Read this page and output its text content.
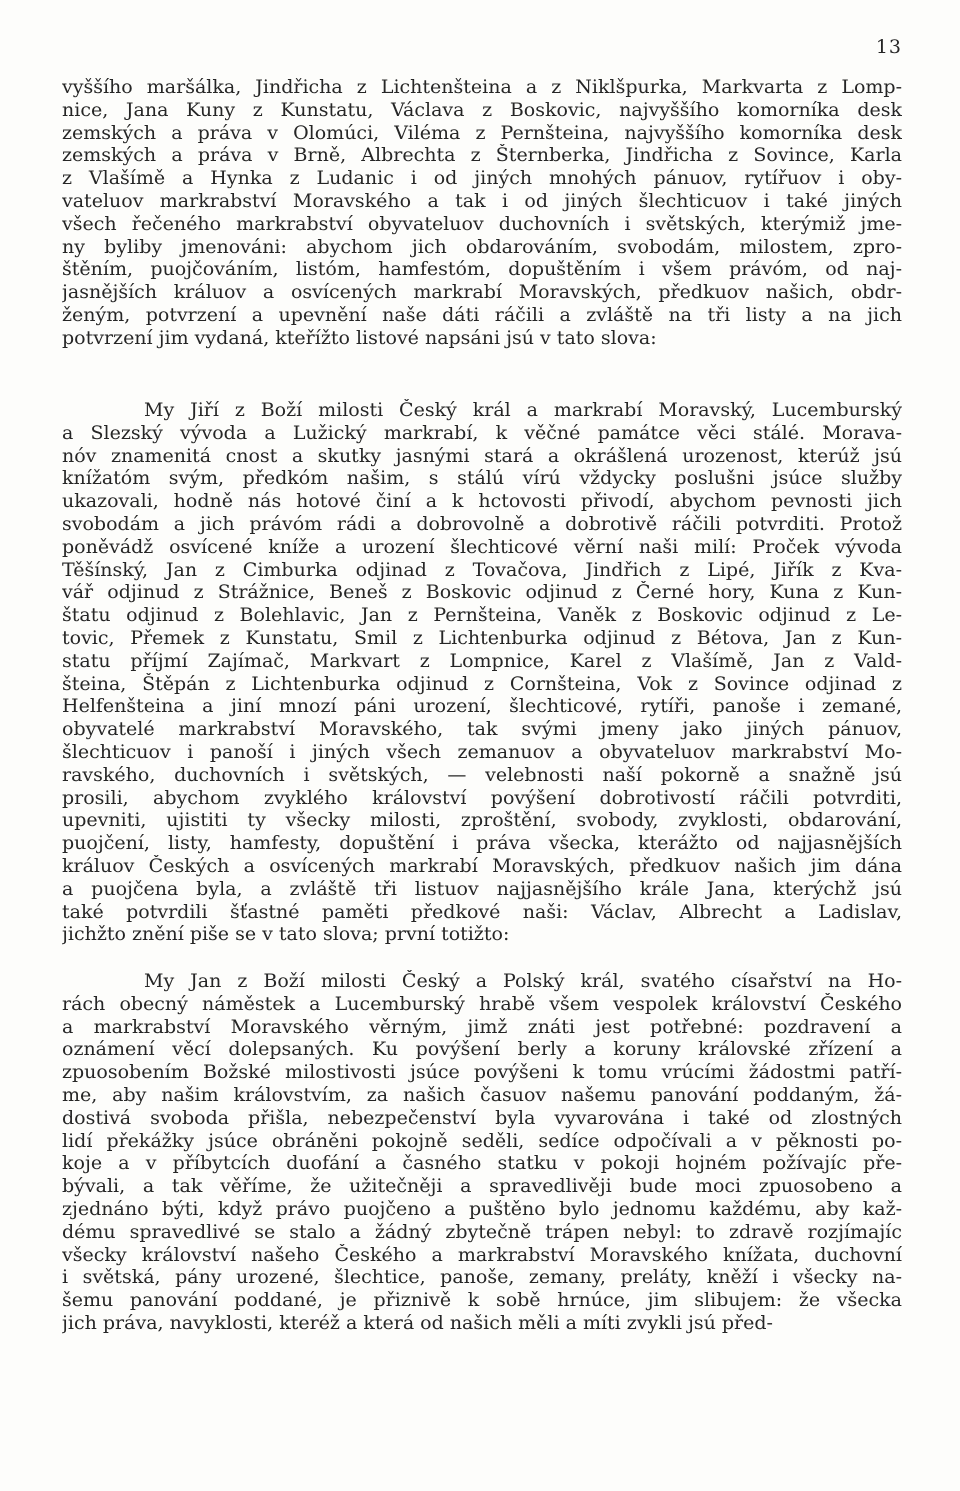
13
vyššího maršálka, Jindřicha z Lichtenšteina a z Niklšpurka, Markvarta z Lomp-
nice, Jana Kuny z Kunstatu, Václava z Boskovic, najvyššího komorníka desk
zemských a práva v Olomúci, Viléma z Pernšteina, najvyššího komorníka desk
zemských a práva v Brně, Albrechta z Šternberka, Jindřicha z Sovince, Karla
z Vlašímě a Hynka z Ludanic i od jiných mnohých pánuov, rytířuov i oby-
vateluov markrabství Moravského a tak i od jiných šlechticuov i také jiných
všech řečeného markrabství obyvateluov duchovních i světských, kterýmiž jme-
ny byliby jmenováni: abychom jich obdarováním, svobodám, milostem, zpro-
štěním, puojčováním, listóm, hamfestóm, dopuštěním i všem právóm, od naj-
jasnějších králuov a osvícených markrabí Moravských, předkuov našich, obdr-
ženým, potvrzení a upevnění naše dáti ráčili a zvláště na tři listy a na jich
potvrzení jim vydaná, kteřížto listové napsáni jsú v tato slova:
My Jiří z Boží milosti Český král a markrabí Moravský, Lucemburský
a Slezský vývoda a Lužický markrabí, k věčné památce věci stálé. Morava-
nóv znamenitá cnost a skutky jasnými stará a okrášlená urozenost, kterúž jsú
knížatóm svým, předkóm našim, s stálú vírú vždycky poslušni jsúce služby
ukazovali, hodně nás hotové činí a k hctovosti přivodí, abychom pevnosti jich
svobodám a jich právóm rádi a dobrovolně a dobrotivě ráčili potvrditi. Protož
poněvádž osvícené kníže a urození šlechticové věrní naši milí: Proček vývoda
Těšínský, Jan z Cimburka odjinad z Tovačova, Jindřich z Lipé, Jiřík z Kva-
vář odjinud z Strážnice, Beneš z Boskovic odjinud z Černé hory, Kuna z Kun-
štatu odjinud z Bolehlavic, Jan z Pernšteina, Vaněk z Boskovic odjinud z Le-
tovic, Přemek z Kunstatu, Smil z Lichtenburka odjinud z Bétova, Jan z Kun-
statu příjmí Zajímač, Markvart z Lompnice, Karel z Vlašímě, Jan z Vald-
šteina, Štěpán z Lichtenburka odjinud z Cornšteina, Vok z Sovince odjinad z
Helfenšteina a jiní mnozí páni urození, šlechticové, rytíři, panoše i zemané,
obyvatelé markrabství Moravského, tak svými jmeny jako jiných pánuov,
šlechticuov i panoší i jiných všech zemanuov a obyvateluov markrabství Mo-
ravského, duchovních i světských, — velebnosti naší pokorně a snažně jsú
prosili, abychom zvyklého království povýšení dobrotivostí ráčili potvrditi,
upevniti, ujistiti ty všecky milosti, zproštění, svobody, zvyklosti, obdarování,
puojčení, listy, hamfesty, dopuštění i práva všecka, kterážto od najjasnějších
králuov Českých a osvícených markrabí Moravských, předkuov našich jim dána
a puojčena byla, a zvláště tři listuov najjasnějšího krále Jana, kterýchž jsú
také potvrdili šťastné paměti předkové naši: Václav, Albrecht a Ladislav,
jichžto znění piše se v tato slova; první totižto:
My Jan z Boží milosti Český a Polský král, svatého císařství na Ho-
rách obecný náměstek a Lucemburský hrabě všem vespolek království Českého
a markrabství Moravského věrným, jimž znáti jest potřebné: pozdravení a
oznámení věcí dolepsaných. Ku povýšení berly a koruny královské zřízení a
zpuosobením Božské milostivosti jsúce povýšeni k tomu vrúcími žádostmi patří-
me, aby našim královstvím, za našich časuov našemu panování poddaným, žá-
dostivá svoboda přišla, nebezpečenství byla vyvarována i také od zlostných
lidí překážky jsúce obráněni pokojně seděli, sedíce odpočívali a v pěknosti po-
koje a v příbytcích duofání a časného statku v pokoji hojném požívajíc pře-
bývali, a tak věříme, že užitečněji a spravedlivěji bude moci zpuosobeno a
zjednáno býti, když právo puojčeno a puštěno bylo jednomu každému, aby kaž-
dému spravedlivé se stalo a žádný zbytečně trápen nebyl: to zdravě rozjímajíc
všecky království našeho Českého a markrabství Moravského knížata, duchovní
i světská, pány urozené, šlechtice, panoše, zemany, preláty, kněží i všecky na-
šemu panování poddané, je přiznivě k sobě hrnúce, jim slibujem: že všecka
jich práva, navyklosti, kteréž a která od našich měli a míti zvykli jsú před-
